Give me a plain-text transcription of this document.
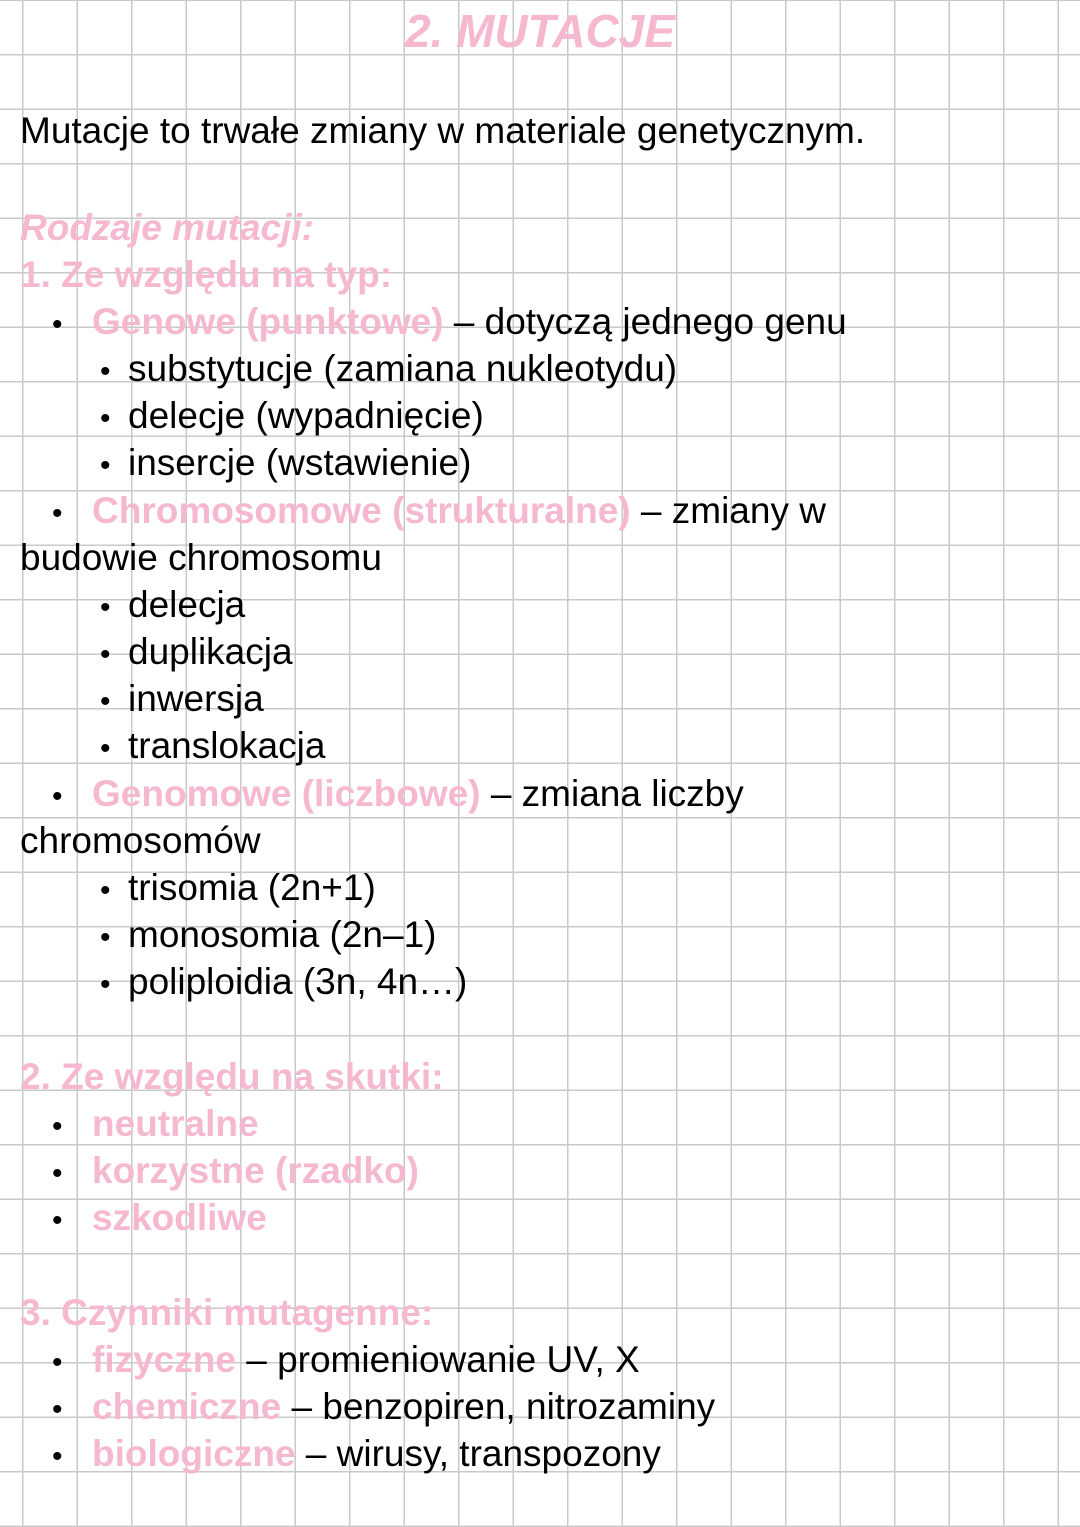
2. MUTACJE
Mutacje to trwałe zmiany w materiale genetycznym.
Rodzaje mutacji:
1. Ze względu na typ:
• Genowe (punktowe) – dotyczą jednego genu
• substytucje (zamiana nukleotydu)
• delecje (wypadnięcie)
• insercje (wstawienie)
• Chromosomowe (strukturalne) – zmiany w
budowie chromosomu
• delecja
• duplikacja
• inwersja
• translokacja
• Genomowe (liczbowe) – zmiana liczby
chromosomów
• trisomia (2n+1)
• monosomia (2n–1)
• poliploidia (3n, 4n…)
2. Ze względu na skutki:
• neutralne
• korzystne (rzadko)
• szkodliwe
3. Czynniki mutagenne:
• fizyczne – promieniowanie UV, X
• chemiczne – benzopiren, nitrozaminy
• biologiczne – wirusy, transpozony
